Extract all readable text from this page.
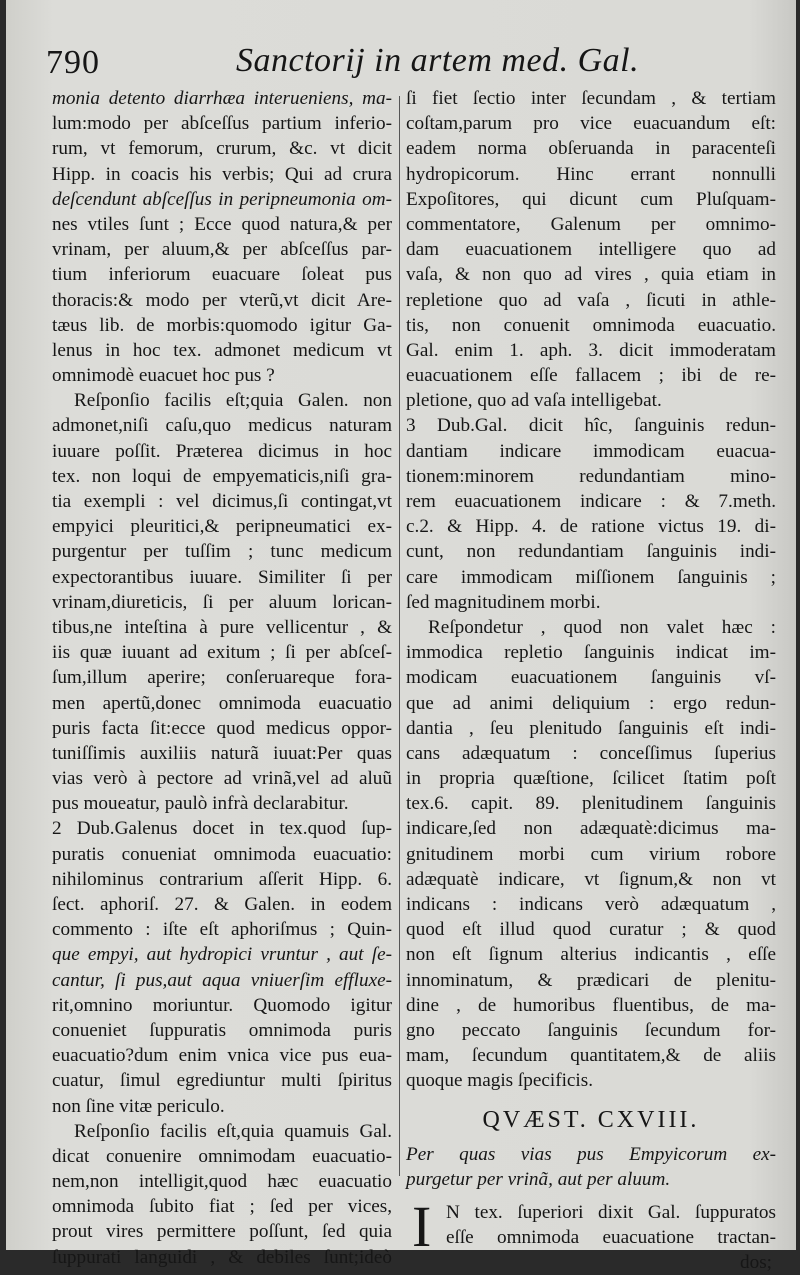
790	Sanctorij in artem med. Gal.
monia detento diarrhæa interueniens, ma-
lum:modo per abſceſſus partium inferio-
rum, vt femorum, crurum, &c. vt dicit
Hipp. in coacis his verbis; Qui ad crura
deſcendunt abſceſſus in peripneumonia om-
nes vtiles ſunt ; Ecce quod natura,& per
vrinam, per aluum,& per abſceſſus par-
tium inferiorum euacuare ſoleat pus
thoracis:& modo per vterũ,vt dicit Are-
tæus lib. de morbis:quomodo igitur Ga-
lenus in hoc tex. admonet medicum vt
omnimodè euacuet hoc pus ?
Reſponſio facilis eſt;quia Galen. non
admonet,niſi caſu,quo medicus naturam
iuuare poſſit. Præterea dicimus in hoc
tex. non loqui de empyematicis,niſi gra-
tia exempli : vel dicimus,ſi contingat,vt
empyici pleuritici,& peripneumatici ex-
purgentur per tuſſim ; tunc medicum
expectorantibus iuuare. Similiter ſi per
vrinam,diureticis, ſi per aluum lorican-
tibus,ne inteſtina à pure vellicentur , &
iis quæ iuuant ad exitum ; ſi per abſceſ-
ſum,illum aperire; conſeruareque fora-
men apertũ,donec omnimoda euacuatio
puris facta ſit:ecce quod medicus oppor-
tuniſſimis auxiliis naturã iuuat:Per quas
vias verò à pectore ad vrinã,vel ad aluũ
pus moueatur, paulò infrà declarabitur.
2 Dub.Galenus docet in tex.quod ſup-
puratis conueniat omnimoda euacuatio:
nihilominus contrarium aſſerit Hipp. 6.
ſect. aphoriſ. 27. & Galen. in eodem
commento : iſte eſt aphoriſmus ; Quin-
que empyi, aut hydropici vruntur , aut ſe-
cantur, ſi pus,aut aqua vniuerſim effluxe-
rit,omnino moriuntur. Quomodo igitur
conueniet ſuppuratis omnimoda puris
euacuatio?dum enim vnica vice pus eua-
cuatur, ſimul egrediuntur multi ſpiritus
non ſine vitæ periculo.
Reſponſio facilis eſt,quia quamuis Gal.
dicat conuenire omnimodam euacuatio-
nem,non intelligit,quod hæc euacuatio
omnimoda ſubito fiat ; ſed per vices,
prout vires permittere poſſunt, ſed quia
ſuppurati languidi , & debiles ſunt;ideò
ſi fiet ſectio inter ſecundam , & tertiam
coſtam,parum pro vice euacuandum eſt:
eadem norma obſeruanda in paracenteſi
hydropicorum. Hinc errant nonnulli
Expoſitores, qui dicunt cum Pluſquam-
commentatore, Galenum per omnimo-
dam euacuationem intelligere quo ad
vaſa, & non quo ad vires , quia etiam in
repletione quo ad vaſa , ſicuti in athle-
tis, non conuenit omnimoda euacuatio.
Gal. enim 1. aph. 3. dicit immoderatam
euacuationem eſſe fallacem ; ibi de re-
pletione, quo ad vaſa intelligebat.
3 Dub.Gal. dicit hîc, ſanguinis redun-
dantiam indicare immodicam euacua-
tionem:minorem redundantiam mino-
rem euacuationem indicare : & 7.meth.
c.2. & Hipp. 4. de ratione victus 19. di-
cunt, non redundantiam ſanguinis indi-
care immodicam miſſionem ſanguinis ;
ſed magnitudinem morbi.
Reſpondetur , quod non valet hæc :
immodica repletio ſanguinis indicat im-
modicam euacuationem ſanguinis vſ-
que ad animi deliquium : ergo redun-
dantia , ſeu plenitudo ſanguinis eſt indi-
cans adæquatum : conceſſimus ſuperius
in propria quæſtione, ſcilicet ſtatim poſt
tex.6. capit. 89. plenitudinem ſanguinis
indicare,ſed non adæquatè:dicimus ma-
gnitudinem morbi cum virium robore
adæquatè indicare, vt ſignum,& non vt
indicans : indicans verò adæquatum ,
quod eſt illud quod curatur ; & quod
non eſt ſignum alterius indicantis , eſſe
innominatum, & prædicari de plenitu-
dine , de humoribus fluentibus, de ma-
gno peccato ſanguinis ſecundum for-
mam, ſecundum quantitatem,& de aliis
quoque magis ſpecificis.
QVÆST. CXVIII.
Per quas vias pus Empyicorum ex-
purgetur per vrinã, aut per aluum.
I N tex. ſuperiori dixit Gal. ſuppuratos
eſſe omnimoda euacuatione tractan-
dos;
